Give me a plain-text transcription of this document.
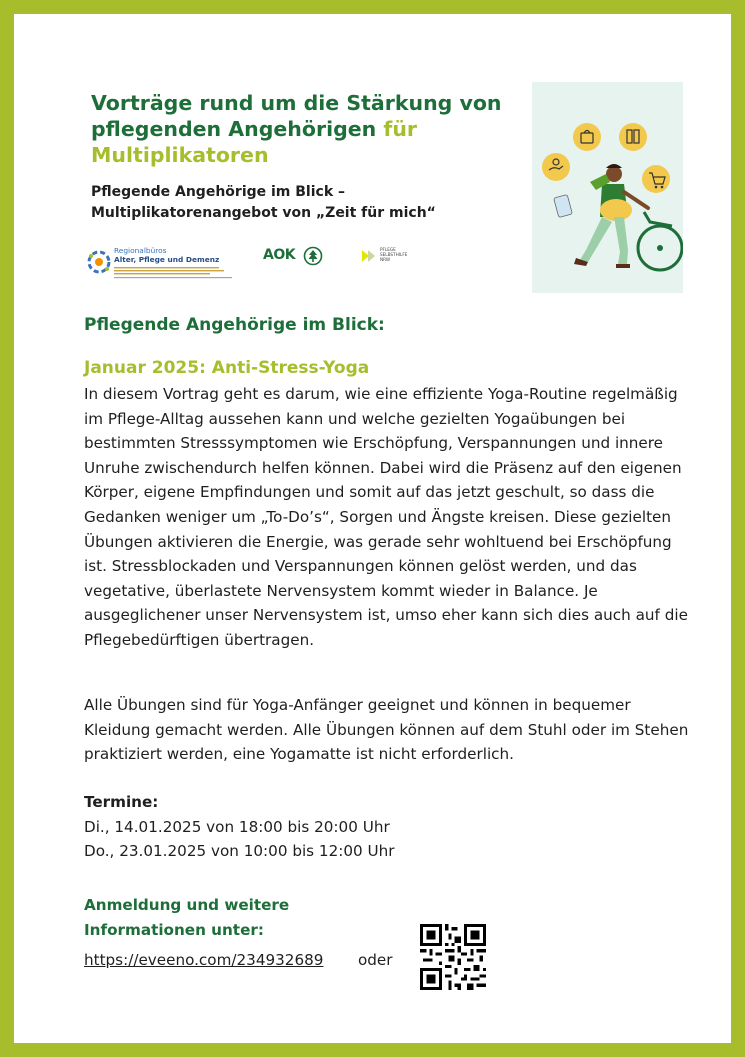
Vorträge rund um die Stärkung von pflegenden Angehörigen für
Multiplikatoren
Pflegende Angehörige im Blick –
Multiplikatorenangebot von „Zeit für mich“
Regionalbüros
Alter, Pflege und Demenz	AOK	PFLEGE SELBSTHILFE NRW
Pflegende Angehörige im Blick:
Januar 2025: Anti-Stress-Yoga
In diesem Vortrag geht es darum, wie eine effiziente Yoga-Routine regelmäßig im Pflege-Alltag aussehen kann und welche gezielten Yogaübungen bei bestimmten Stresssymptomen wie Erschöpfung, Verspannungen und innere Unruhe zwischendurch helfen können. Dabei wird die Präsenz auf den eigenen Körper, eigene Empfindungen und somit auf das jetzt geschult, so dass die Gedanken weniger um „To-Do’s“, Sorgen und Ängste kreisen. Diese gezielten Übungen aktivieren die Energie, was gerade sehr wohltuend bei Erschöpfung ist. Stressblockaden und Verspannungen können gelöst werden, und das vegetative, überlastete Nervensystem kommt wieder in Balance. Je ausgeglichener unser Nervensystem ist, umso eher kann sich dies auch auf die Pflegebedürftigen übertragen.
Alle Übungen sind für Yoga-Anfänger geeignet und können in bequemer Kleidung gemacht werden. Alle Übungen können auf dem Stuhl oder im Stehen praktiziert werden, eine Yogamatte ist nicht erforderlich.
Termine:
Di., 14.01.2025 von 18:00 bis 20:00 Uhr
Do., 23.01.2025 von 10:00 bis 12:00 Uhr
Anmeldung und weitere
Informationen unter:
https://eveeno.com/234932689 oder
